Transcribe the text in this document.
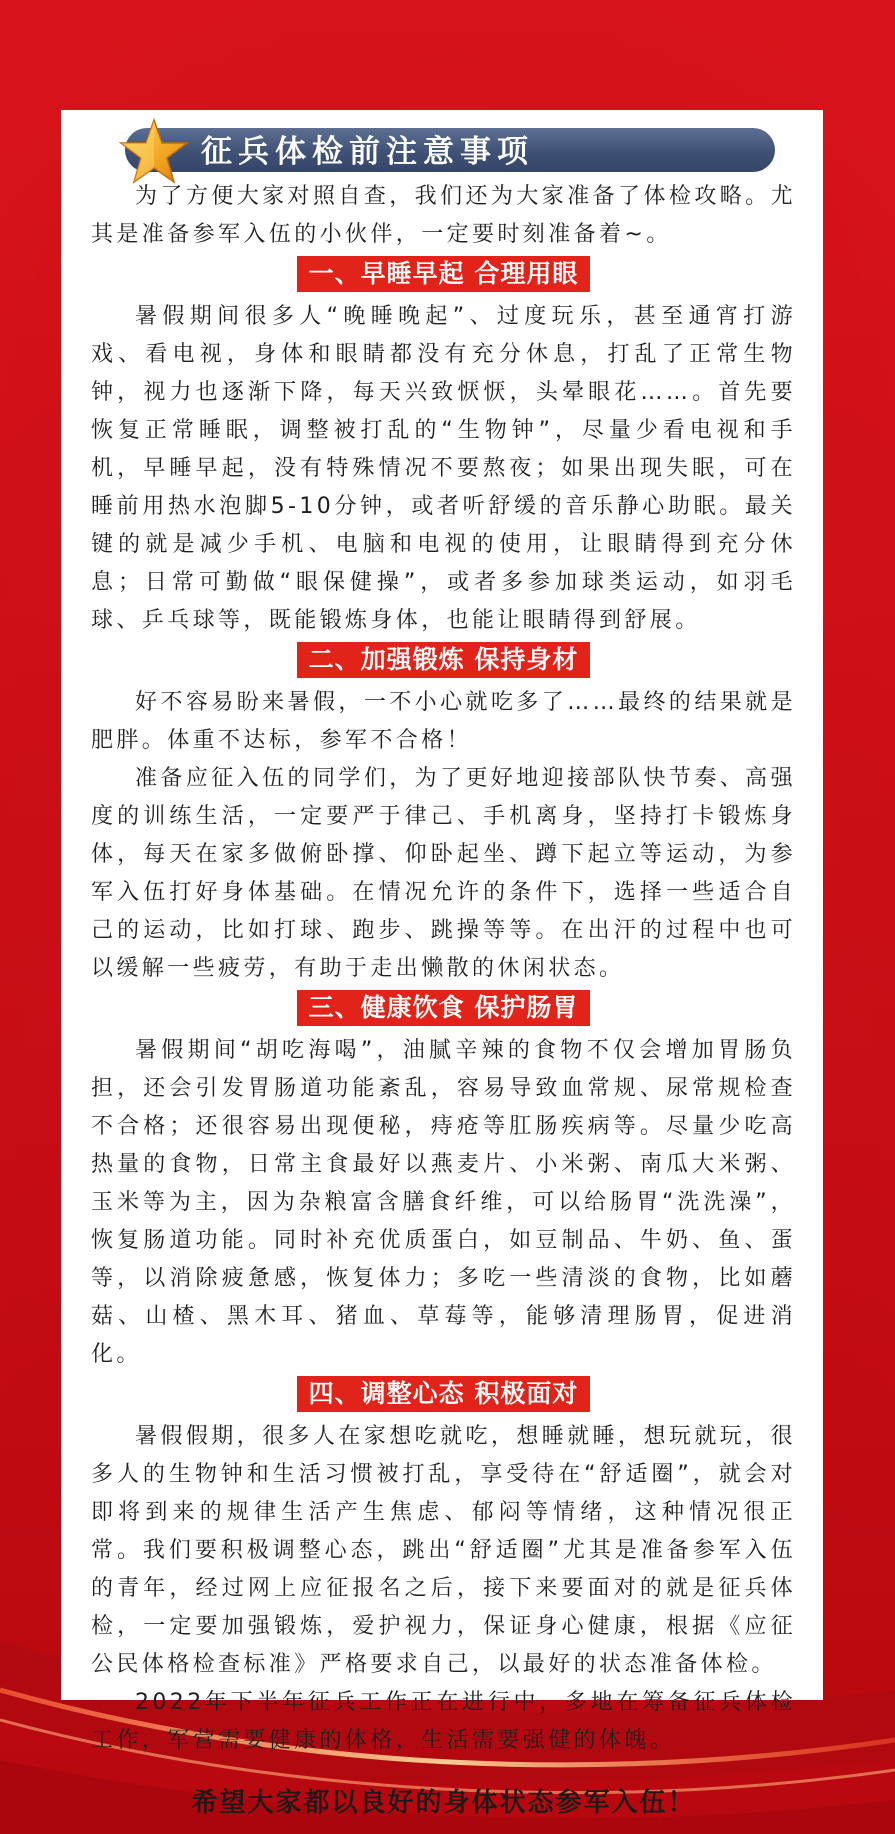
征兵体检前注意事项

为了方便大家对照自查，我们还为大家准备了体检攻略。尤其是准备参军入伍的小伙伴，一定要时刻准备着~。

一、早睡早起 合理用眼

暑假期间很多人“晚睡晚起”、过度玩乐，甚至通宵打游戏、看电视，身体和眼睛都没有充分休息，打乱了正常生物钟，视力也逐渐下降，每天兴致恹恹，头晕眼花……。首先要恢复正常睡眠，调整被打乱的“生物钟”，尽量少看电视和手机，早睡早起，没有特殊情况不要熬夜；如果出现失眠，可在睡前用热水泡脚5-10分钟，或者听舒缓的音乐静心助眠。最关键的就是减少手机、电脑和电视的使用，让眼睛得到充分休息；日常可勤做“眼保健操”，或者多参加球类运动，如羽毛球、乒乓球等，既能锻炼身体，也能让眼睛得到舒展。

二、加强锻炼 保持身材

好不容易盼来暑假，一不小心就吃多了……最终的结果就是肥胖。体重不达标，参军不合格！

准备应征入伍的同学们，为了更好地迎接部队快节奏、高强度的训练生活，一定要严于律己、手机离身，坚持打卡锻炼身体，每天在家多做俯卧撑、仰卧起坐、蹲下起立等运动，为参军入伍打好身体基础。在情况允许的条件下，选择一些适合自己的运动，比如打球、跑步、跳操等等。在出汗的过程中也可以缓解一些疲劳，有助于走出懒散的休闲状态。

三、健康饮食 保护肠胃

暑假期间“胡吃海喝”，油腻辛辣的食物不仅会增加胃肠负担，还会引发胃肠道功能紊乱，容易导致血常规、尿常规检查不合格；还很容易出现便秘，痔疮等肛肠疾病等。尽量少吃高热量的食物，日常主食最好以燕麦片、小米粥、南瓜大米粥、玉米等为主，因为杂粮富含膳食纤维，可以给肠胃“洗洗澡”，恢复肠道功能。同时补充优质蛋白，如豆制品、牛奶、鱼、蛋等，以消除疲惫感，恢复体力；多吃一些清淡的食物，比如蘑菇、山楂、黑木耳、猪血、草莓等，能够清理肠胃，促进消化。

四、调整心态 积极面对

暑假假期，很多人在家想吃就吃，想睡就睡，想玩就玩，很多人的生物钟和生活习惯被打乱，享受待在“舒适圈”，就会对即将到来的规律生活产生焦虑、郁闷等情绪，这种情况很正常。我们要积极调整心态，跳出“舒适圈”尤其是准备参军入伍的青年，经过网上应征报名之后，接下来要面对的就是征兵体检，一定要加强锻炼，爱护视力，保证身心健康，根据《应征公民体格检查标准》严格要求自己，以最好的状态准备体检。

2022年下半年征兵工作正在进行中，多地在筹备征兵体检工作，军营需要健康的体格，生活需要强健的体魄。

希望大家都以良好的身体状态参军入伍！
